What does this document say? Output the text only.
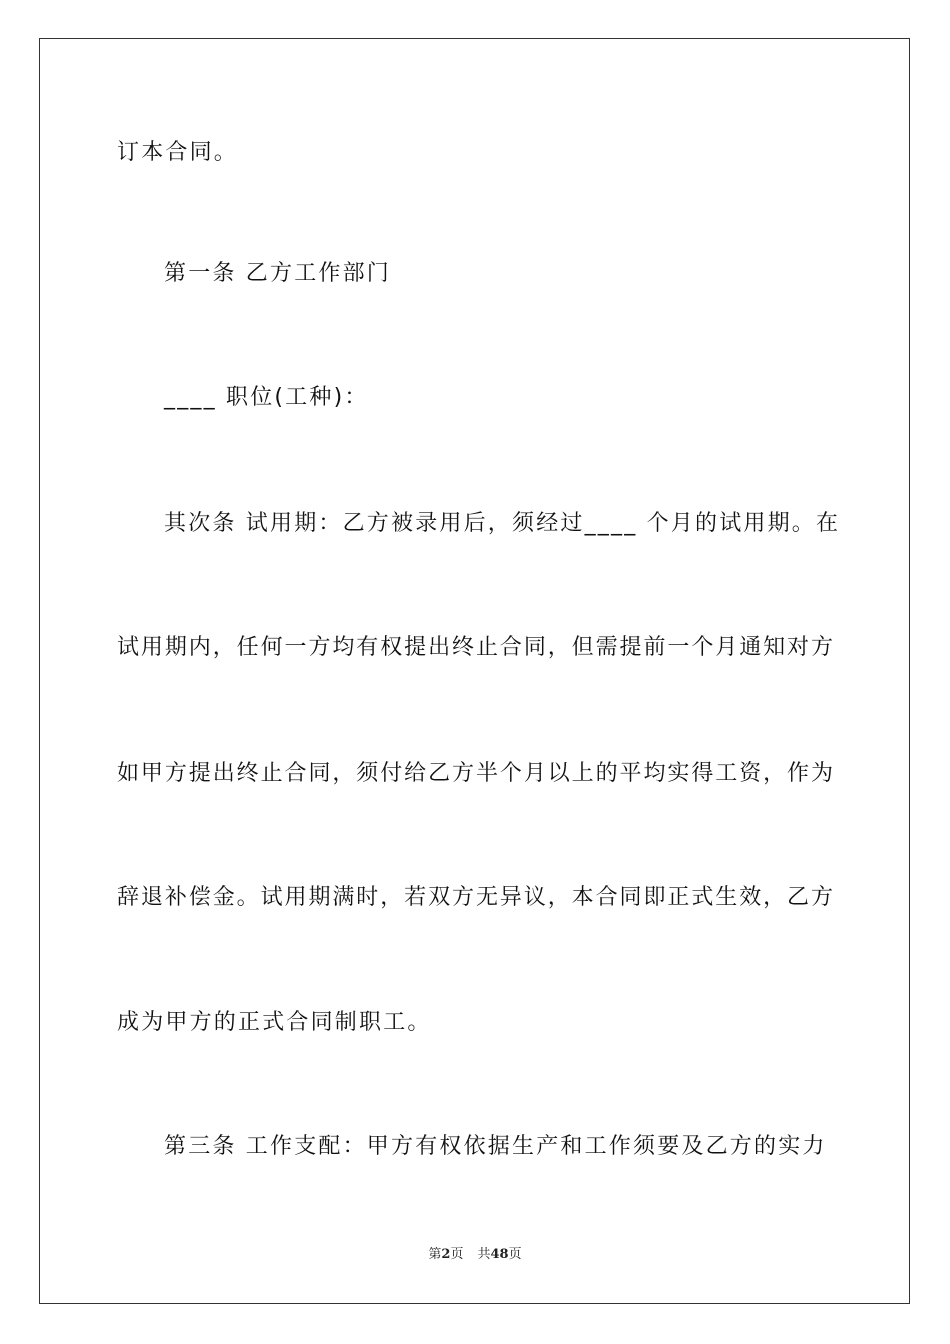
订本合同。
第一条 乙方工作部门
____ 职位(工种)：
其次条 试用期：乙方被录用后，须经过____ 个月的试用期。在
试用期内，任何一方均有权提出终止合同，但需提前一个月通知对方
如甲方提出终止合同，须付给乙方半个月以上的平均实得工资，作为
辞退补偿金。试用期满时，若双方无异议，本合同即正式生效，乙方
成为甲方的正式合同制职工。
第三条 工作支配：甲方有权依据生产和工作须要及乙方的实力
第2页 共48页
